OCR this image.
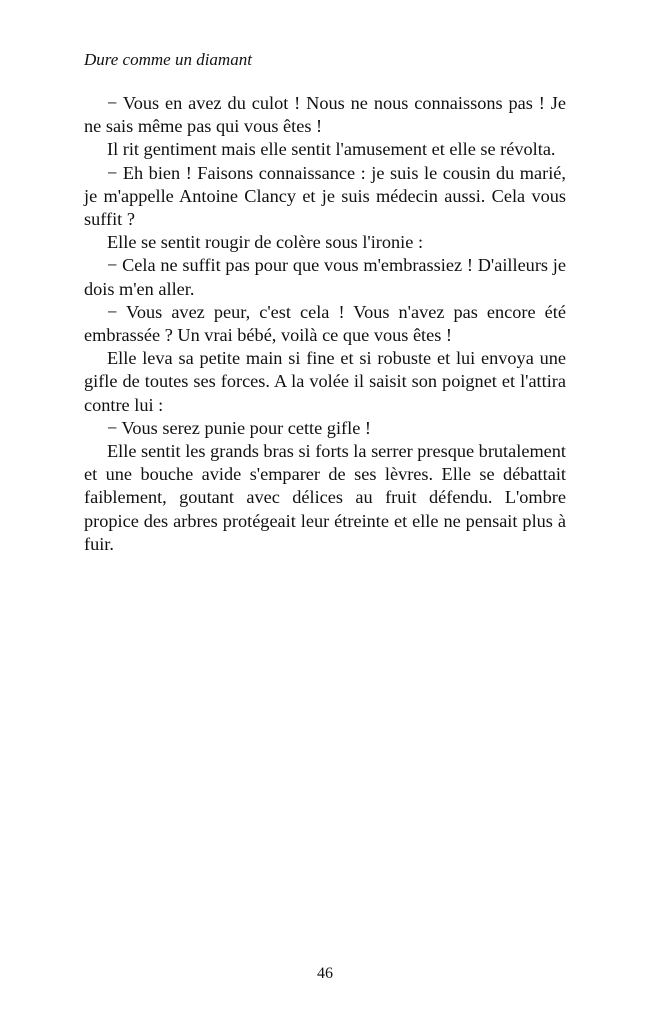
Dure comme un diamant

− Vous en avez du culot ! Nous ne nous connaissons pas ! Je ne sais même pas qui vous êtes !

Il rit gentiment mais elle sentit l'amusement et elle se révolta.

− Eh bien ! Faisons connaissance : je suis le cousin du marié, je m'appelle Antoine Clancy et je suis médecin aussi. Cela vous suffit ?

Elle se sentit rougir de colère sous l'ironie :

− Cela ne suffit pas pour que vous m'embrassiez ! D'ailleurs je dois m'en aller.

− Vous avez peur, c'est cela ! Vous n'avez pas encore été embrassée ? Un vrai bébé, voilà ce que vous êtes !

Elle leva sa petite main si fine et si robuste et lui envoya une gifle de toutes ses forces. A la volée il saisit son poignet et l'attira contre lui :

− Vous serez punie pour cette gifle !

Elle sentit les grands bras si forts la serrer presque brutalement et une bouche avide s'emparer de ses lèvres. Elle se débattait faiblement, goutant avec délices au fruit défendu. L'ombre propice des arbres protégeait leur étreinte et elle ne pensait plus à fuir.

46
